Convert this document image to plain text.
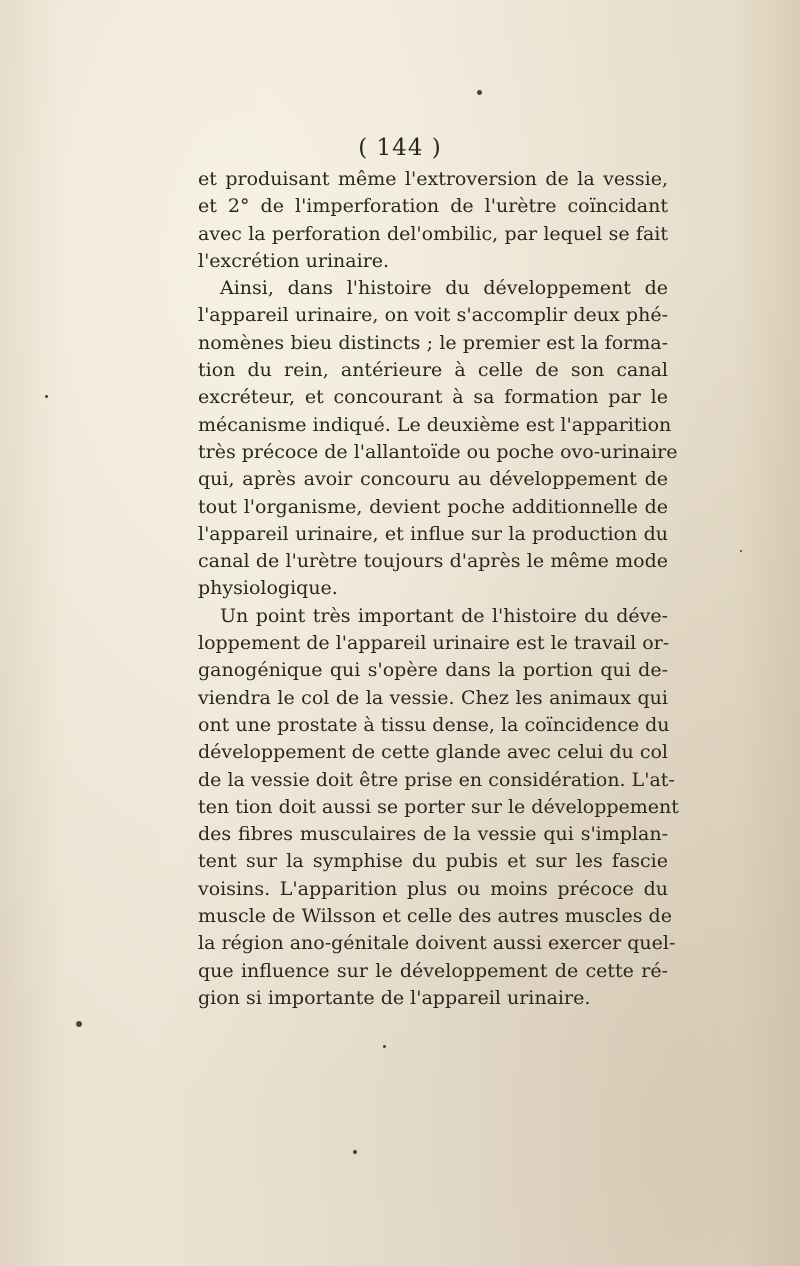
( 144 )
et produisant même l'extroversion de la vessie,
et 2° de l'imperforation de l'urètre coïncidant
avec la perforation del'ombilic, par lequel se fait
l'excrétion urinaire.
Ainsi, dans l'histoire du développement de
l'appareil urinaire, on voit s'accomplir deux phé-
nomènes bieu distincts ; le premier est la forma-
tion du rein, antérieure à celle de son canal
excréteur, et concourant à sa formation par le
mécanisme indiqué. Le deuxième est l'apparition
très précoce de l'allantoïde ou poche ovo-urinaire
qui, après avoir concouru au développement de
tout l'organisme, devient poche additionnelle de
l'appareil urinaire, et influe sur la production du
canal de l'urètre toujours d'après le même mode
physiologique.
Un point très important de l'histoire du déve-
loppement de l'appareil urinaire est le travail or-
ganogénique qui s'opère dans la portion qui de-
viendra le col de la vessie. Chez les animaux qui
ont une prostate à tissu dense, la coïncidence du
développement de cette glande avec celui du col
de la vessie doit être prise en considération. L'at-
ten tion doit aussi se porter sur le développement
des fibres musculaires de la vessie qui s'implan-
tent sur la symphise du pubis et sur les fascie
voisins. L'apparition plus ou moins précoce du
muscle de Wilsson et celle des autres muscles de
la région ano-génitale doivent aussi exercer quel-
que influence sur le développement de cette ré-
gion si importante de l'appareil urinaire.
